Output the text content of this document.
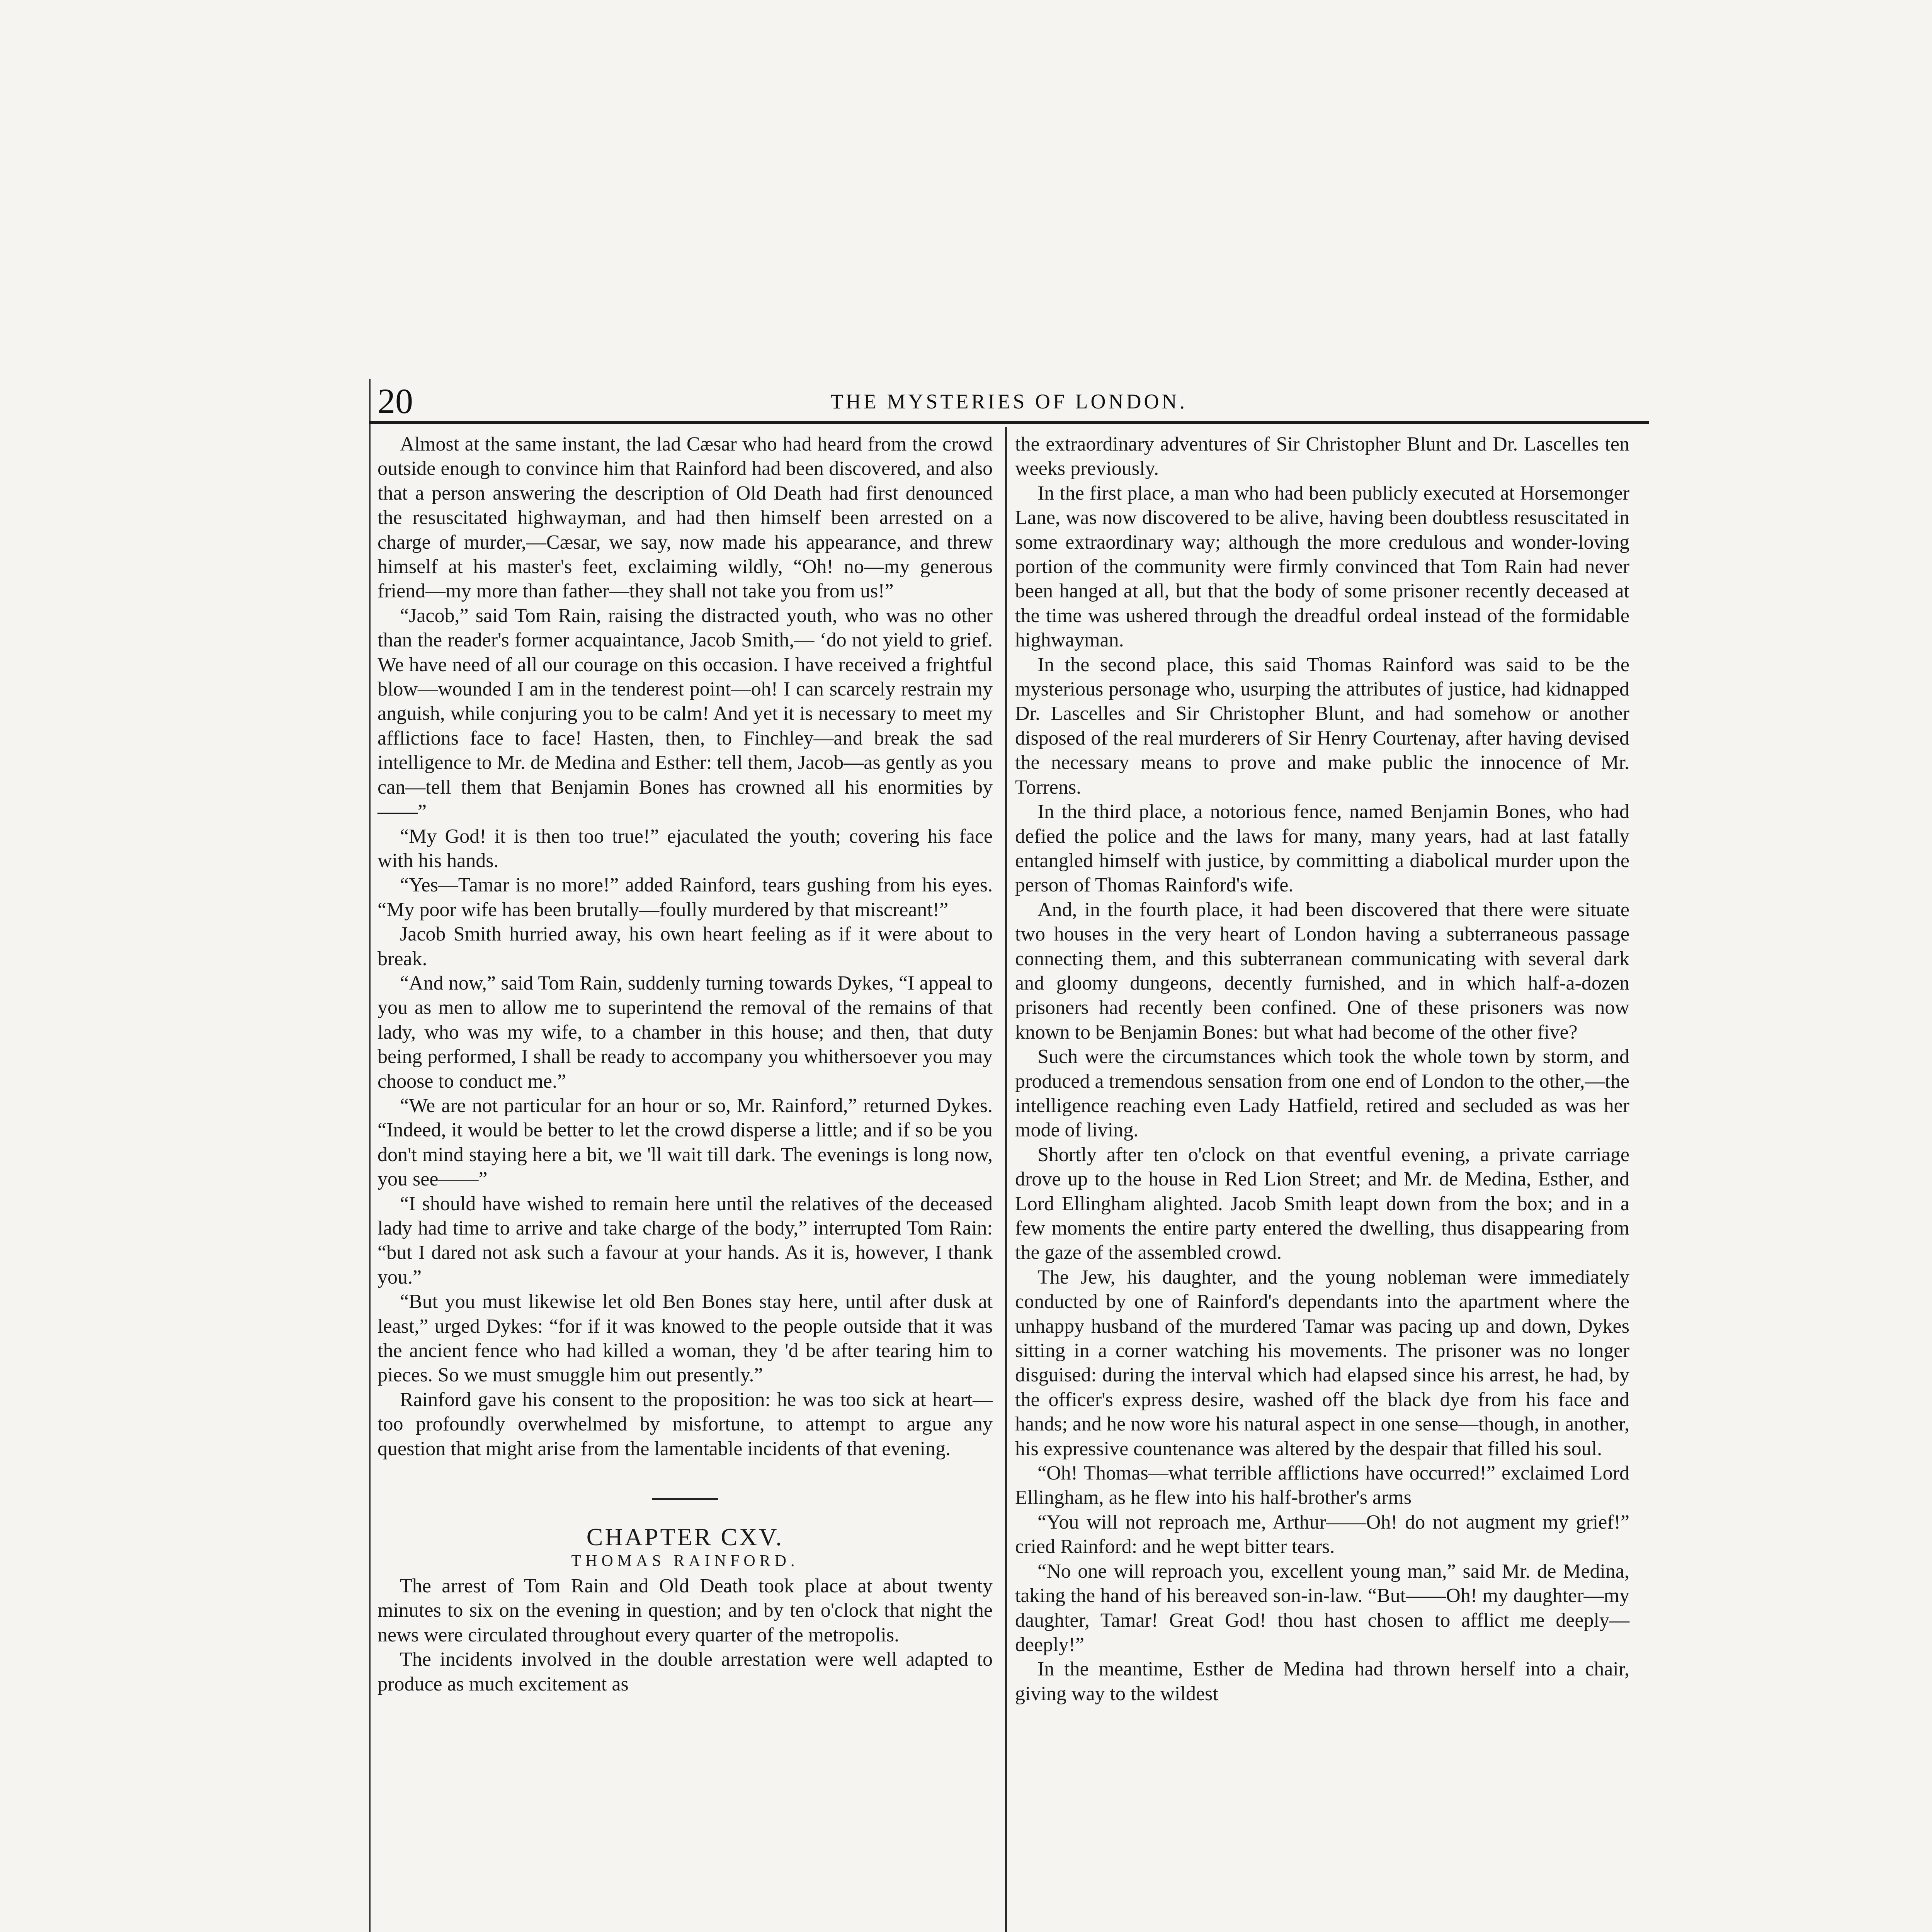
20	THE MYSTERIES OF LONDON.

Almost at the same instant, the lad Cæsar who had heard from the crowd outside enough to convince him that Rainford had been discovered, and also that a person answering the description of Old Death had first denounced the resuscitated highwayman, and had then himself been arrested on a charge of murder,—Cæsar, we say, now made his appearance, and threw himself at his master's feet, exclaiming wildly, “Oh! no—my generous friend—my more than father—they shall not take you from us!”

“Jacob,” said Tom Rain, raising the distracted youth, who was no other than the reader's former acquaintance, Jacob Smith,— ‘do not yield to grief. We have need of all our courage on this occasion. I have received a frightful blow—wounded I am in the tenderest point—oh! I can scarcely restrain my anguish, while conjuring you to be calm! And yet it is necessary to meet my afflictions face to face! Hasten, then, to Finchley—and break the sad intelligence to Mr. de Medina and Esther: tell them, Jacob—as gently as you can—tell them that Benjamin Bones has crowned all his enormities by——”

“My God! it is then too true!” ejaculated the youth; covering his face with his hands.

“Yes—Tamar is no more!” added Rainford, tears gushing from his eyes. “My poor wife has been brutally—foully murdered by that miscreant!”

Jacob Smith hurried away, his own heart feeling as if it were about to break.

“And now,” said Tom Rain, suddenly turning towards Dykes, “I appeal to you as men to allow me to superintend the removal of the remains of that lady, who was my wife, to a chamber in this house; and then, that duty being performed, I shall be ready to accompany you whithersoever you may choose to conduct me.”

“We are not particular for an hour or so, Mr. Rainford,” returned Dykes. “Indeed, it would be better to let the crowd disperse a little; and if so be you don't mind staying here a bit, we 'll wait till dark. The evenings is long now, you see——”

“I should have wished to remain here until the relatives of the deceased lady had time to arrive and take charge of the body,” interrupted Tom Rain: “but I dared not ask such a favour at your hands. As it is, however, I thank you.”

“But you must likewise let old Ben Bones stay here, until after dusk at least,” urged Dykes: “for if it was knowed to the people outside that it was the ancient fence who had killed a woman, they 'd be after tearing him to pieces. So we must smuggle him out presently.”

Rainford gave his consent to the proposition: he was too sick at heart—too profoundly overwhelmed by misfortune, to attempt to argue any question that might arise from the lamentable incidents of that evening.

CHAPTER CXV.

THOMAS RAINFORD.

The arrest of Tom Rain and Old Death took place at about twenty minutes to six on the evening in question; and by ten o'clock that night the news were circulated throughout every quarter of the metropolis.

The incidents involved in the double arrestation were well adapted to produce as much excitement as

the extraordinary adventures of Sir Christopher Blunt and Dr. Lascelles ten weeks previously.

In the first place, a man who had been publicly executed at Horsemonger Lane, was now discovered to be alive, having been doubtless resuscitated in some extraordinary way; although the more credulous and wonder-loving portion of the community were firmly convinced that Tom Rain had never been hanged at all, but that the body of some prisoner recently deceased at the time was ushered through the dreadful ordeal instead of the formidable highwayman.

In the second place, this said Thomas Rainford was said to be the mysterious personage who, usurping the attributes of justice, had kidnapped Dr. Lascelles and Sir Christopher Blunt, and had somehow or another disposed of the real murderers of Sir Henry Courtenay, after having devised the necessary means to prove and make public the innocence of Mr. Torrens.

In the third place, a notorious fence, named Benjamin Bones, who had defied the police and the laws for many, many years, had at last fatally entangled himself with justice, by committing a diabolical murder upon the person of Thomas Rainford's wife.

And, in the fourth place, it had been discovered that there were situate two houses in the very heart of London having a subterraneous passage connecting them, and this subterranean communicating with several dark and gloomy dungeons, decently furnished, and in which half-a-dozen prisoners had recently been confined. One of these prisoners was now known to be Benjamin Bones: but what had become of the other five?

Such were the circumstances which took the whole town by storm, and produced a tremendous sensation from one end of London to the other,—the intelligence reaching even Lady Hatfield, retired and secluded as was her mode of living.

Shortly after ten o'clock on that eventful evening, a private carriage drove up to the house in Red Lion Street; and Mr. de Medina, Esther, and Lord Ellingham alighted. Jacob Smith leapt down from the box; and in a few moments the entire party entered the dwelling, thus disappearing from the gaze of the assembled crowd.

The Jew, his daughter, and the young nobleman were immediately conducted by one of Rainford's dependants into the apartment where the unhappy husband of the murdered Tamar was pacing up and down, Dykes sitting in a corner watching his movements. The prisoner was no longer disguised: during the interval which had elapsed since his arrest, he had, by the officer's express desire, washed off the black dye from his face and hands; and he now wore his natural aspect in one sense—though, in another, his expressive countenance was altered by the despair that filled his soul.

“Oh! Thomas—what terrible afflictions have occurred!” exclaimed Lord Ellingham, as he flew into his half-brother's arms

“You will not reproach me, Arthur——Oh! do not augment my grief!” cried Rainford: and he wept bitter tears.

“No one will reproach you, excellent young man,” said Mr. de Medina, taking the hand of his bereaved son-in-law. “But——Oh! my daughter—my daughter, Tamar! Great God! thou hast chosen to afflict me deeply—deeply!”

In the meantime, Esther de Medina had thrown herself into a chair, giving way to the wildest
